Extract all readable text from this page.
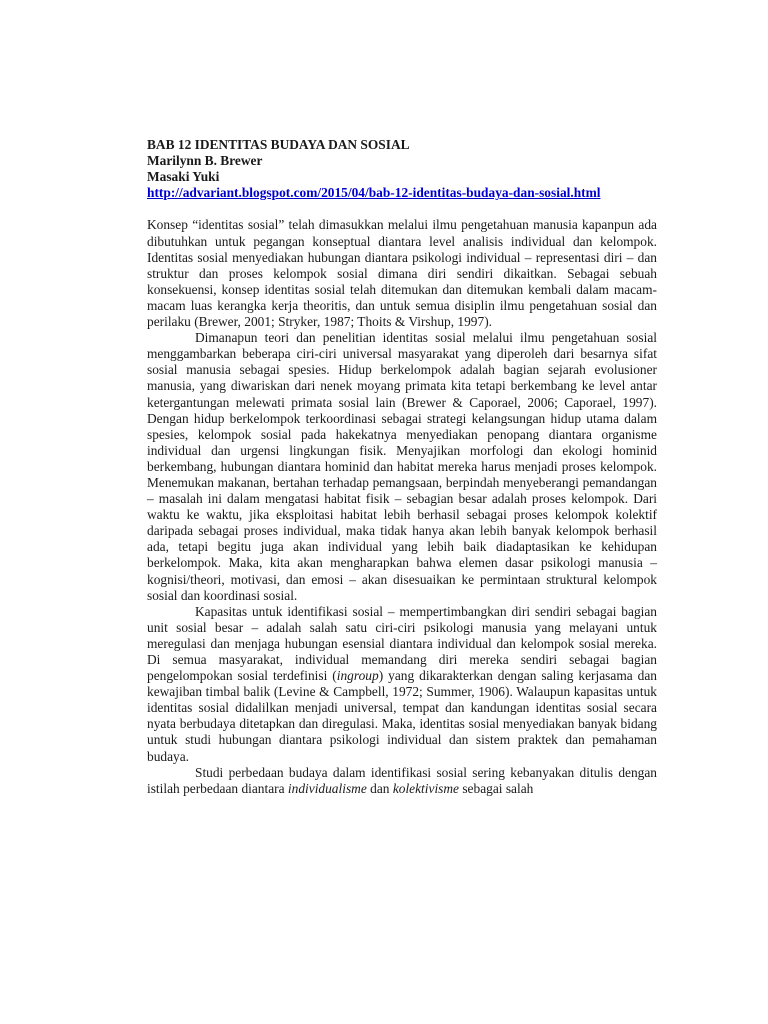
BAB 12 IDENTITAS BUDAYA DAN SOSIAL

Marilynn B. Brewer

Masaki Yuki

http://advariant.blogspot.com/2015/04/bab-12-identitas-budaya-dan-sosial.html

Konsep “identitas sosial” telah dimasukkan melalui ilmu pengetahuan manusia kapanpun ada dibutuhkan untuk pegangan konseptual diantara level analisis individual dan kelompok. Identitas sosial menyediakan hubungan diantara psikologi individual – representasi diri – dan struktur dan proses kelompok sosial dimana diri sendiri dikaitkan. Sebagai sebuah konsekuensi, konsep identitas sosial telah ditemukan dan ditemukan kembali dalam macam-macam luas kerangka kerja theoritis, dan untuk semua disiplin ilmu pengetahuan sosial dan perilaku (Brewer, 2001; Stryker, 1987; Thoits & Virshup, 1997).

Dimanapun teori dan penelitian identitas sosial melalui ilmu pengetahuan sosial menggambarkan beberapa ciri-ciri universal masyarakat yang diperoleh dari besarnya sifat sosial manusia sebagai spesies. Hidup berkelompok adalah bagian sejarah evolusioner manusia, yang diwariskan dari nenek moyang primata kita tetapi berkembang ke level antar ketergantungan melewati primata sosial lain (Brewer & Caporael, 2006; Caporael, 1997). Dengan hidup berkelompok terkoordinasi sebagai strategi kelangsungan hidup utama dalam spesies, kelompok sosial pada hakekatnya menyediakan penopang diantara organisme individual dan urgensi lingkungan fisik. Menyajikan morfologi dan ekologi hominid berkembang, hubungan diantara hominid dan habitat mereka harus menjadi proses kelompok. Menemukan makanan, bertahan terhadap pemangsaan, berpindah menyeberangi pemandangan – masalah ini dalam mengatasi habitat fisik – sebagian besar adalah proses kelompok. Dari waktu ke waktu, jika eksploitasi habitat lebih berhasil sebagai proses kelompok kolektif daripada sebagai proses individual, maka tidak hanya akan lebih banyak kelompok berhasil ada, tetapi begitu juga akan individual yang lebih baik diadaptasikan ke kehidupan berkelompok. Maka, kita akan mengharapkan bahwa elemen dasar psikologi manusia – kognisi/theori, motivasi, dan emosi – akan disesuaikan ke permintaan struktural kelompok sosial dan koordinasi sosial.

Kapasitas untuk identifikasi sosial – mempertimbangkan diri sendiri sebagai bagian unit sosial besar – adalah salah satu ciri-ciri psikologi manusia yang melayani untuk meregulasi dan menjaga hubungan esensial diantara individual dan kelompok sosial mereka. Di semua masyarakat, individual memandang diri mereka sendiri sebagai bagian pengelompokan sosial terdefinisi (ingroup) yang dikarakterkan dengan saling kerjasama dan kewajiban timbal balik (Levine & Campbell, 1972; Summer, 1906). Walaupun kapasitas untuk identitas sosial didalilkan menjadi universal, tempat dan kandungan identitas sosial secara nyata berbudaya ditetapkan dan diregulasi. Maka, identitas sosial menyediakan banyak bidang untuk studi hubungan diantara psikologi individual dan sistem praktek dan pemahaman budaya.

Studi perbedaan budaya dalam identifikasi sosial sering kebanyakan ditulis dengan istilah perbedaan diantara individualisme dan kolektivisme sebagai salah
